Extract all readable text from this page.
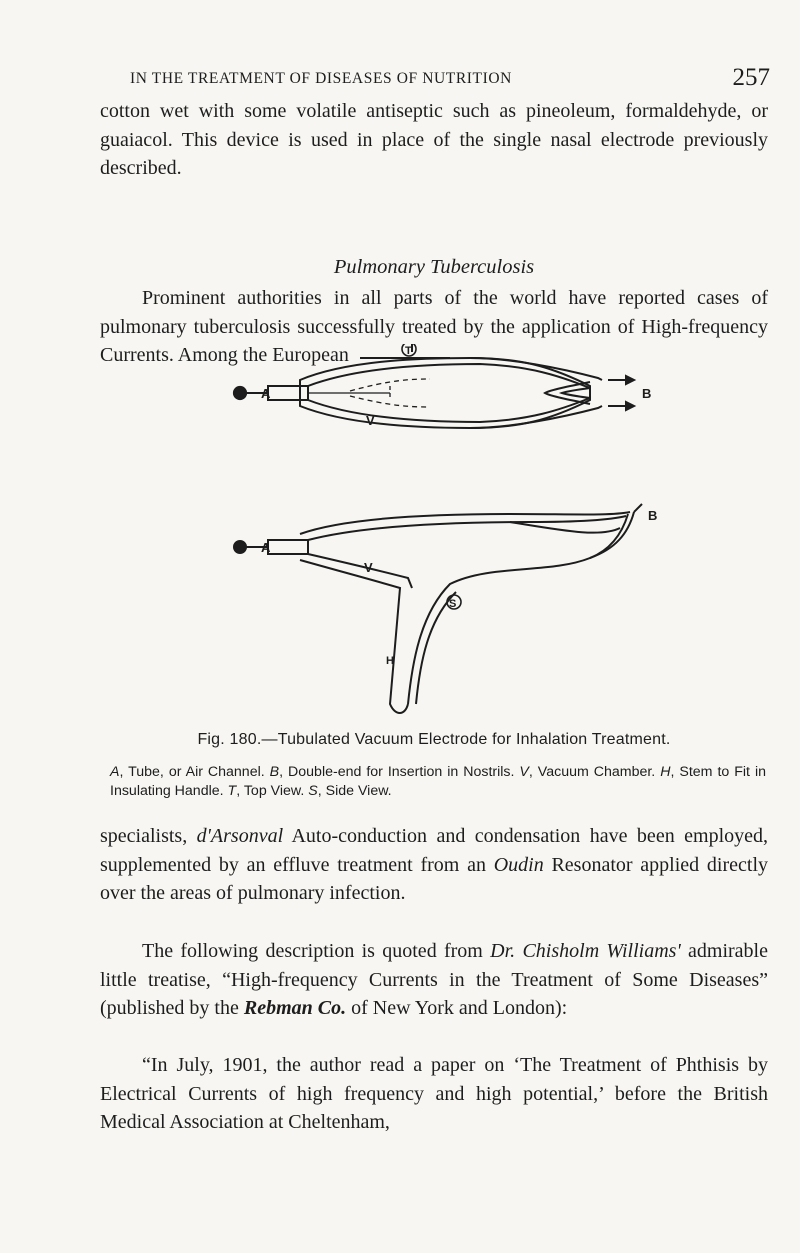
IN THE TREATMENT OF DISEASES OF NUTRITION	257

cotton wet with some volatile antiseptic such as pineoleum, formaldehyde, or guaiacol. This device is used in place of the single nasal electrode previously described.

Pulmonary Tuberculosis

Prominent authorities in all parts of the world have reported cases of pulmonary tuberculosis successfully treated by the application of High-frequency Currents. Among the European	T
A
V
B
B
A
V
S
H
Fig. 180.—Tubulated Vacuum Electrode for Inhalation Treatment.

A, Tube, or Air Channel. B, Double-end for Insertion in Nostrils. V, Vacuum Chamber. H, Stem to Fit in Insulating Handle. T, Top View. S, Side View.

specialists, d'Arsonval Auto-conduction and condensation have been employed, supplemented by an effluve treatment from an Oudin Resonator applied directly over the areas of pulmonary infection.

The following description is quoted from Dr. Chisholm Williams' admirable little treatise, “High-frequency Currents in the Treatment of Some Diseases” (published by the Rebman Co. of New York and London):

“In July, 1901, the author read a paper on ‘The Treatment of Phthisis by Electrical Currents of high frequency and high potential,’ before the British Medical Association at Cheltenham,
